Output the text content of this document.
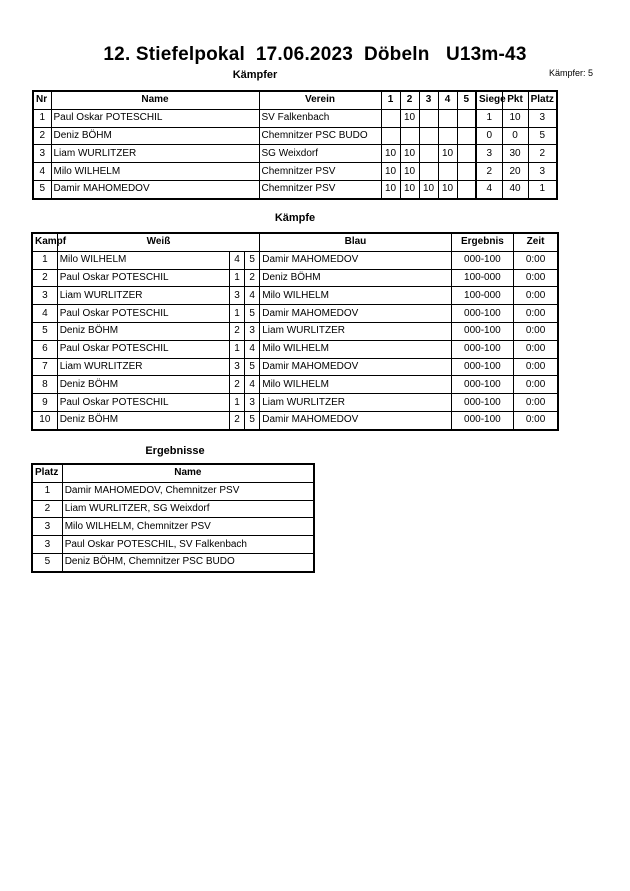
12. Stiefelpokal  17.06.2023  Döbeln   U13m-43
Kämpfer: 5
Kämpfer
Nr	Name	Verein	1	2	3	4	5	Siege	Pkt	Platz
1	Paul Oskar POTESCHIL	SV Falkenbach		10				1	10	3
2	Deniz BÖHM	Chemnitzer PSC BUDO						0	0	5
3	Liam WURLITZER	SG Weixdorf	10	10		10		3	30	2
4	Milo WILHELM	Chemnitzer PSV	10	10				2	20	3
5	Damir MAHOMEDOV	Chemnitzer PSV	10	10	10	10		4	40	1
Kämpfe
Kampf	Weiß			Blau	Ergebnis	Zeit
1	Milo WILHELM	4	5	Damir MAHOMEDOV	000-100	0:00
2	Paul Oskar POTESCHIL	1	2	Deniz BÖHM	100-000	0:00
3	Liam WURLITZER	3	4	Milo WILHELM	100-000	0:00
4	Paul Oskar POTESCHIL	1	5	Damir MAHOMEDOV	000-100	0:00
5	Deniz BÖHM	2	3	Liam WURLITZER	000-100	0:00
6	Paul Oskar POTESCHIL	1	4	Milo WILHELM	000-100	0:00
7	Liam WURLITZER	3	5	Damir MAHOMEDOV	000-100	0:00
8	Deniz BÖHM	2	4	Milo WILHELM	000-100	0:00
9	Paul Oskar POTESCHIL	1	3	Liam WURLITZER	000-100	0:00
10	Deniz BÖHM	2	5	Damir MAHOMEDOV	000-100	0:00
Ergebnisse
Platz	Name
1	Damir MAHOMEDOV, Chemnitzer PSV
2	Liam WURLITZER, SG Weixdorf
3	Milo WILHELM, Chemnitzer PSV
3	Paul Oskar POTESCHIL, SV Falkenbach
5	Deniz BÖHM, Chemnitzer PSC BUDO
